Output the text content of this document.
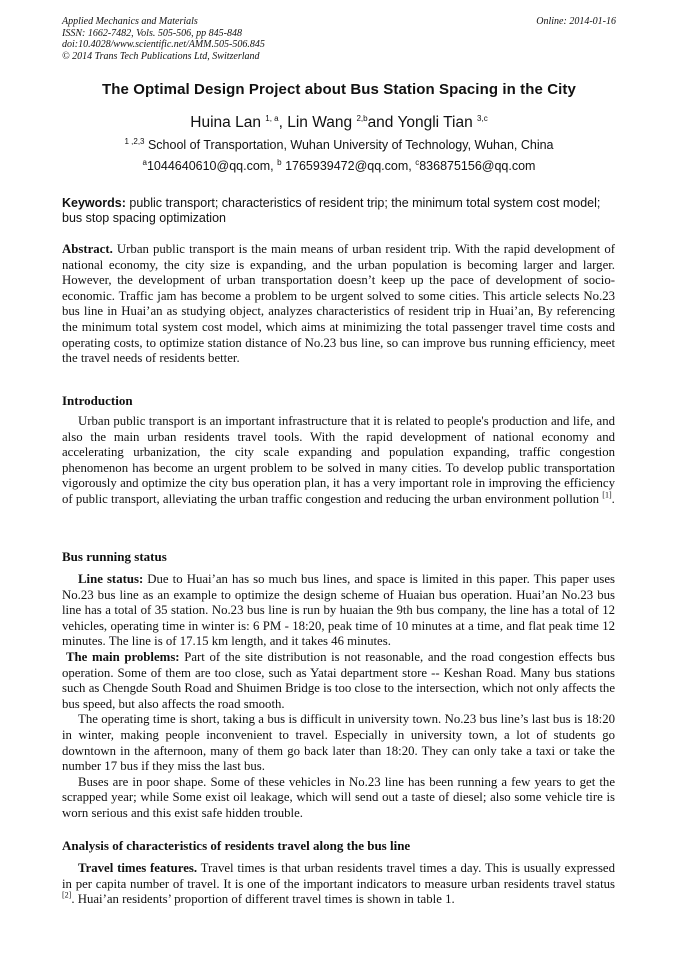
Applied Mechanics and Materials
ISSN: 1662-7482, Vols. 505-506, pp 845-848
doi:10.4028/www.scientific.net/AMM.505-506.845
© 2014 Trans Tech Publications Ltd, Switzerland
Online: 2014-01-16
The Optimal Design Project about Bus Station Spacing in the City
Huina Lan $^{1, a}$, Lin Wang $^{2,b}$and Yongli Tian $^{3,c}$
$^{1 ,2,3}$ School of Transportation, Wuhan University of Technology, Wuhan, China
$^a$1044640610@qq.com, $^b$ 1765939472@qq.com, $^c$836875156@qq.com
Keywords: public transport; characteristics of resident trip; the minimum total system cost model; bus stop spacing optimization
Abstract. Urban public transport is the main means of urban resident trip. With the rapid development of national economy, the city size is expanding, and the urban population is becoming larger and larger. However, the development of urban transportation doesn’t keep up the pace of development of socio-economic. Traffic jam has become a problem to be urgent solved to some cities. This article selects No.23 bus line in Huai’an as studying object, analyzes characteristics of resident trip in Huai’an, By referencing the minimum total system cost model, which aims at minimizing the total passenger travel time costs and operating costs, to optimize station distance of No.23 bus line, so can improve bus running efficiency, meet the travel needs of residents better.
Introduction
Urban public transport is an important infrastructure that it is related to people's production and life, and also the main urban residents travel tools. With the rapid development of national economy and accelerating urbanization, the city scale expanding and population expanding, traffic congestion phenomenon has become an urgent problem to be solved in many cities. To develop public transportation vigorously and optimize the city bus operation plan, it has a very important role in improving the efficiency of public transport, alleviating the urban traffic congestion and reducing the urban environment pollution [1].
Bus running status

Line status: Due to Huai’an has so much bus lines, and space is limited in this paper. This paper uses No.23 bus line as an example to optimize the design scheme of Huaian bus operation. Huai’an No.23 bus line has a total of 35 station. No.23 bus line is run by huaian the 9th bus company, the line has a total of 12 vehicles, operating time in winter is: 6 PM - 18:20, peak time of 10 minutes at a time, and flat peak time 12 minutes. The line is of 17.15 km length, and it takes 46 minutes.

The main problems: Part of the site distribution is not reasonable, and the road congestion effects bus operation. Some of them are too close, such as Yatai department store -- Keshan Road. Many bus stations such as Chengde South Road and Shuimen Bridge is too close to the intersection, which not only affects the bus speed, but also affects the road smooth.

The operating time is short, taking a bus is difficult in university town. No.23 bus line’s last bus is 18:20 in winter, making people inconvenient to travel. Especially in university town, a lot of students go downtown in the afternoon, many of them go back later than 18:20. They can only take a taxi or take the number 17 bus if they miss the last bus.

Buses are in poor shape. Some of these vehicles in No.23 line has been running a few years to get the scrapped year; while Some exist oil leakage, which will send out a taste of diesel; also some vehicle tire is worn serious and this exist safe hidden trouble.

Analysis of characteristics of residents travel along the bus line
Travel times features. Travel times is that urban residents travel times a day. This is usually expressed in per capita number of travel. It is one of the important indicators to measure urban residents travel status [2]. Huai’an residents’ proportion of different travel times is shown in table 1.
